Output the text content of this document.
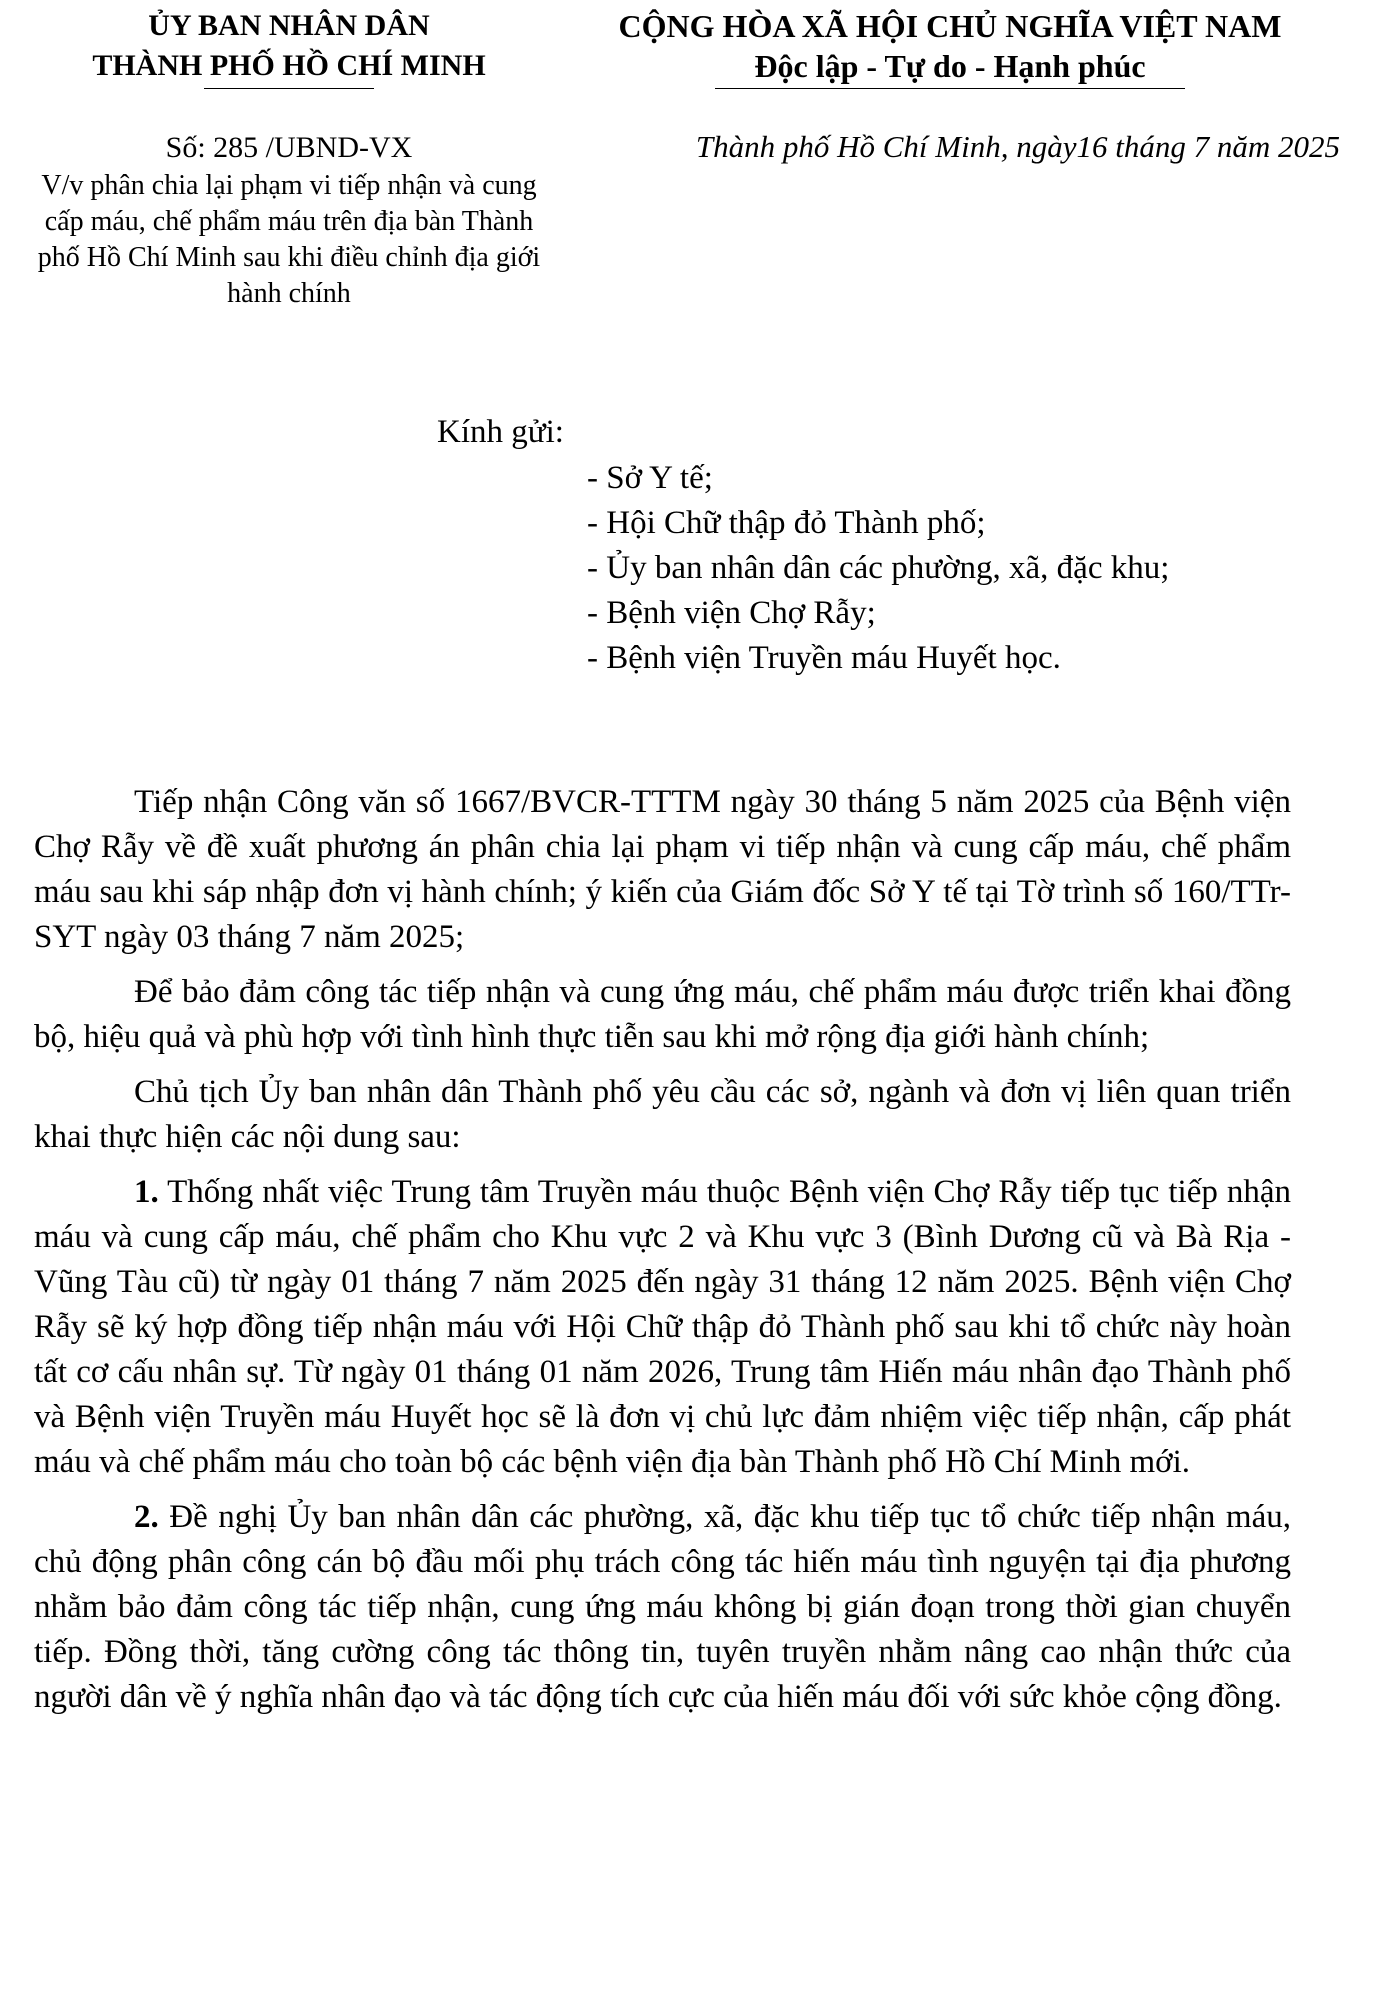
ỦY BAN NHÂN DÂN
THÀNH PHỐ HỒ CHÍ MINH
CỘNG HÒA XÃ HỘI CHỦ NGHĨA VIỆT NAM
Độc lập - Tự do - Hạnh phúc
Số: 285 /UBND-VX
V/v phân chia lại phạm vi tiếp nhận và cung cấp máu, chế phẩm máu trên địa bàn Thành phố Hồ Chí Minh sau khi điều chỉnh địa giới hành chính
Thành phố Hồ Chí Minh, ngày16 tháng 7 năm 2025
Kính gửi:
- Sở Y tế;
- Hội Chữ thập đỏ Thành phố;
- Ủy ban nhân dân các phường, xã, đặc khu;
- Bệnh viện Chợ Rẫy;
- Bệnh viện Truyền máu Huyết học.

Tiếp nhận Công văn số 1667/BVCR-TTTM ngày 30 tháng 5 năm 2025 của Bệnh viện Chợ Rẫy về đề xuất phương án phân chia lại phạm vi tiếp nhận và cung cấp máu, chế phẩm máu sau khi sáp nhập đơn vị hành chính; ý kiến của Giám đốc Sở Y tế tại Tờ trình số 160/TTr-SYT ngày 03 tháng 7 năm 2025;

Để bảo đảm công tác tiếp nhận và cung ứng máu, chế phẩm máu được triển khai đồng bộ, hiệu quả và phù hợp với tình hình thực tiễn sau khi mở rộng địa giới hành chính;

Chủ tịch Ủy ban nhân dân Thành phố yêu cầu các sở, ngành và đơn vị liên quan triển khai thực hiện các nội dung sau:

1. Thống nhất việc Trung tâm Truyền máu thuộc Bệnh viện Chợ Rẫy tiếp tục tiếp nhận máu và cung cấp máu, chế phẩm cho Khu vực 2 và Khu vực 3 (Bình Dương cũ và Bà Rịa - Vũng Tàu cũ) từ ngày 01 tháng 7 năm 2025 đến ngày 31 tháng 12 năm 2025. Bệnh viện Chợ Rẫy sẽ ký hợp đồng tiếp nhận máu với Hội Chữ thập đỏ Thành phố sau khi tổ chức này hoàn tất cơ cấu nhân sự. Từ ngày 01 tháng 01 năm 2026, Trung tâm Hiến máu nhân đạo Thành phố và Bệnh viện Truyền máu Huyết học sẽ là đơn vị chủ lực đảm nhiệm việc tiếp nhận, cấp phát máu và chế phẩm máu cho toàn bộ các bệnh viện địa bàn Thành phố Hồ Chí Minh mới.

2. Đề nghị Ủy ban nhân dân các phường, xã, đặc khu tiếp tục tổ chức tiếp nhận máu, chủ động phân công cán bộ đầu mối phụ trách công tác hiến máu tình nguyện tại địa phương nhằm bảo đảm công tác tiếp nhận, cung ứng máu không bị gián đoạn trong thời gian chuyển tiếp. Đồng thời, tăng cường công tác thông tin, tuyên truyền nhằm nâng cao nhận thức của người dân về ý nghĩa nhân đạo và tác động tích cực của hiến máu đối với sức khỏe cộng đồng.
